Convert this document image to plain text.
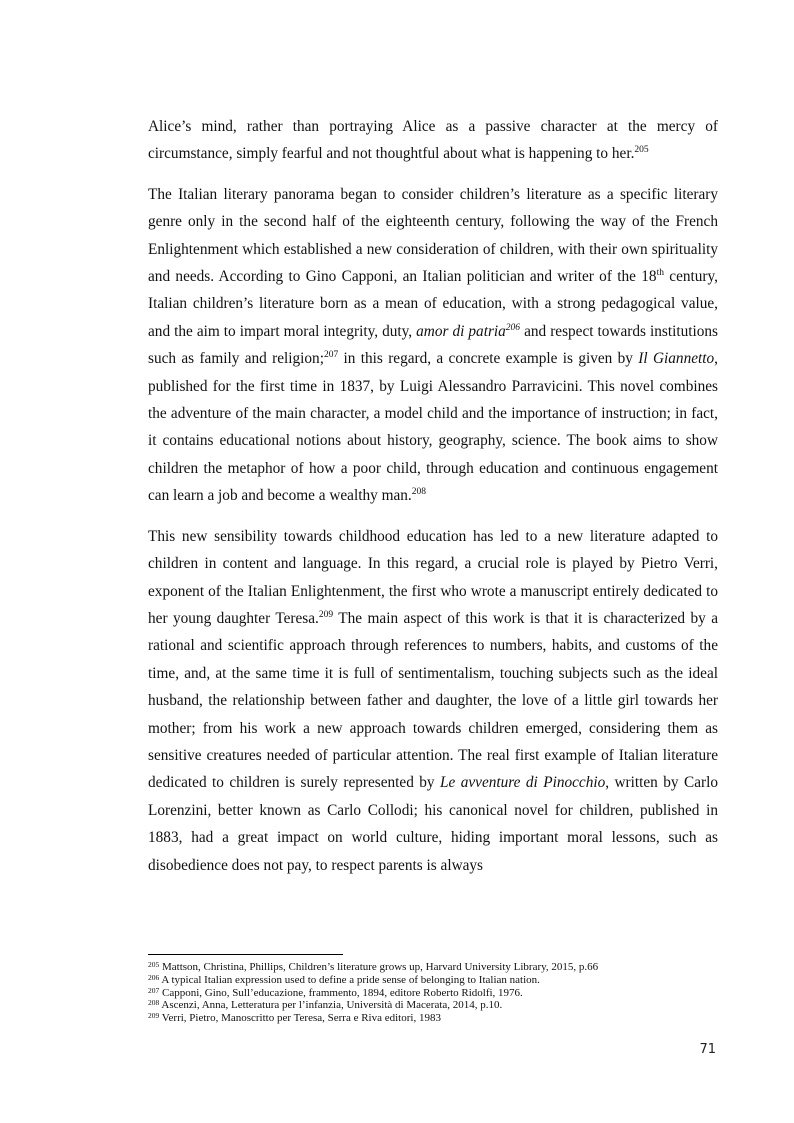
Alice’s mind, rather than portraying Alice as a passive character at the mercy of circumstance, simply fearful and not thoughtful about what is happening to her.$^{205}$

The Italian literary panorama began to consider children’s literature as a specific literary genre only in the second half of the eighteenth century, following the way of the French Enlightenment which established a new consideration of children, with their own spirituality and needs. According to Gino Capponi, an Italian politician and writer of the 18th century, Italian children’s literature born as a mean of education, with a strong pedagogical value, and the aim to impart moral integrity, duty, amor di patria$^{206}$ and respect towards institutions such as family and religion;$^{207}$ in this regard, a concrete example is given by Il Giannetto, published for the first time in 1837, by Luigi Alessandro Parravicini. This novel combines the adventure of the main character, a model child and the importance of instruction; in fact, it contains educational notions about history, geography, science. The book aims to show children the metaphor of how a poor child, through education and continuous engagement can learn a job and become a wealthy man.$^{208}$

This new sensibility towards childhood education has led to a new literature adapted to children in content and language. In this regard, a crucial role is played by Pietro Verri, exponent of the Italian Enlightenment, the first who wrote a manuscript entirely dedicated to her young daughter Teresa.$^{209}$ The main aspect of this work is that it is characterized by a rational and scientific approach through references to numbers, habits, and customs of the time, and, at the same time it is full of sentimentalism, touching subjects such as the ideal husband, the relationship between father and daughter, the love of a little girl towards her mother; from his work a new approach towards children emerged, considering them as sensitive creatures needed of particular attention. The real first example of Italian literature dedicated to children is surely represented by Le avventure di Pinocchio, written by Carlo Lorenzini, better known as Carlo Collodi; his canonical novel for children, published in 1883, had a great impact on world culture, hiding important moral lessons, such as disobedience does not pay, to respect parents is always

$^{205}$ Mattson, Christina, Phillips, Children’s literature grows up, Harvard University Library, 2015, p.66
$^{206}$ A typical Italian expression used to define a pride sense of belonging to Italian nation.
$^{207}$ Capponi, Gino, Sull’educazione, frammento, 1894, editore Roberto Ridolfi, 1976.
$^{208}$ Ascenzi, Anna, Letteratura per l’infanzia, Università di Macerata, 2014, p.10.
$^{209}$ Verri, Pietro, Manoscritto per Teresa, Serra e Riva editori, 1983
71
